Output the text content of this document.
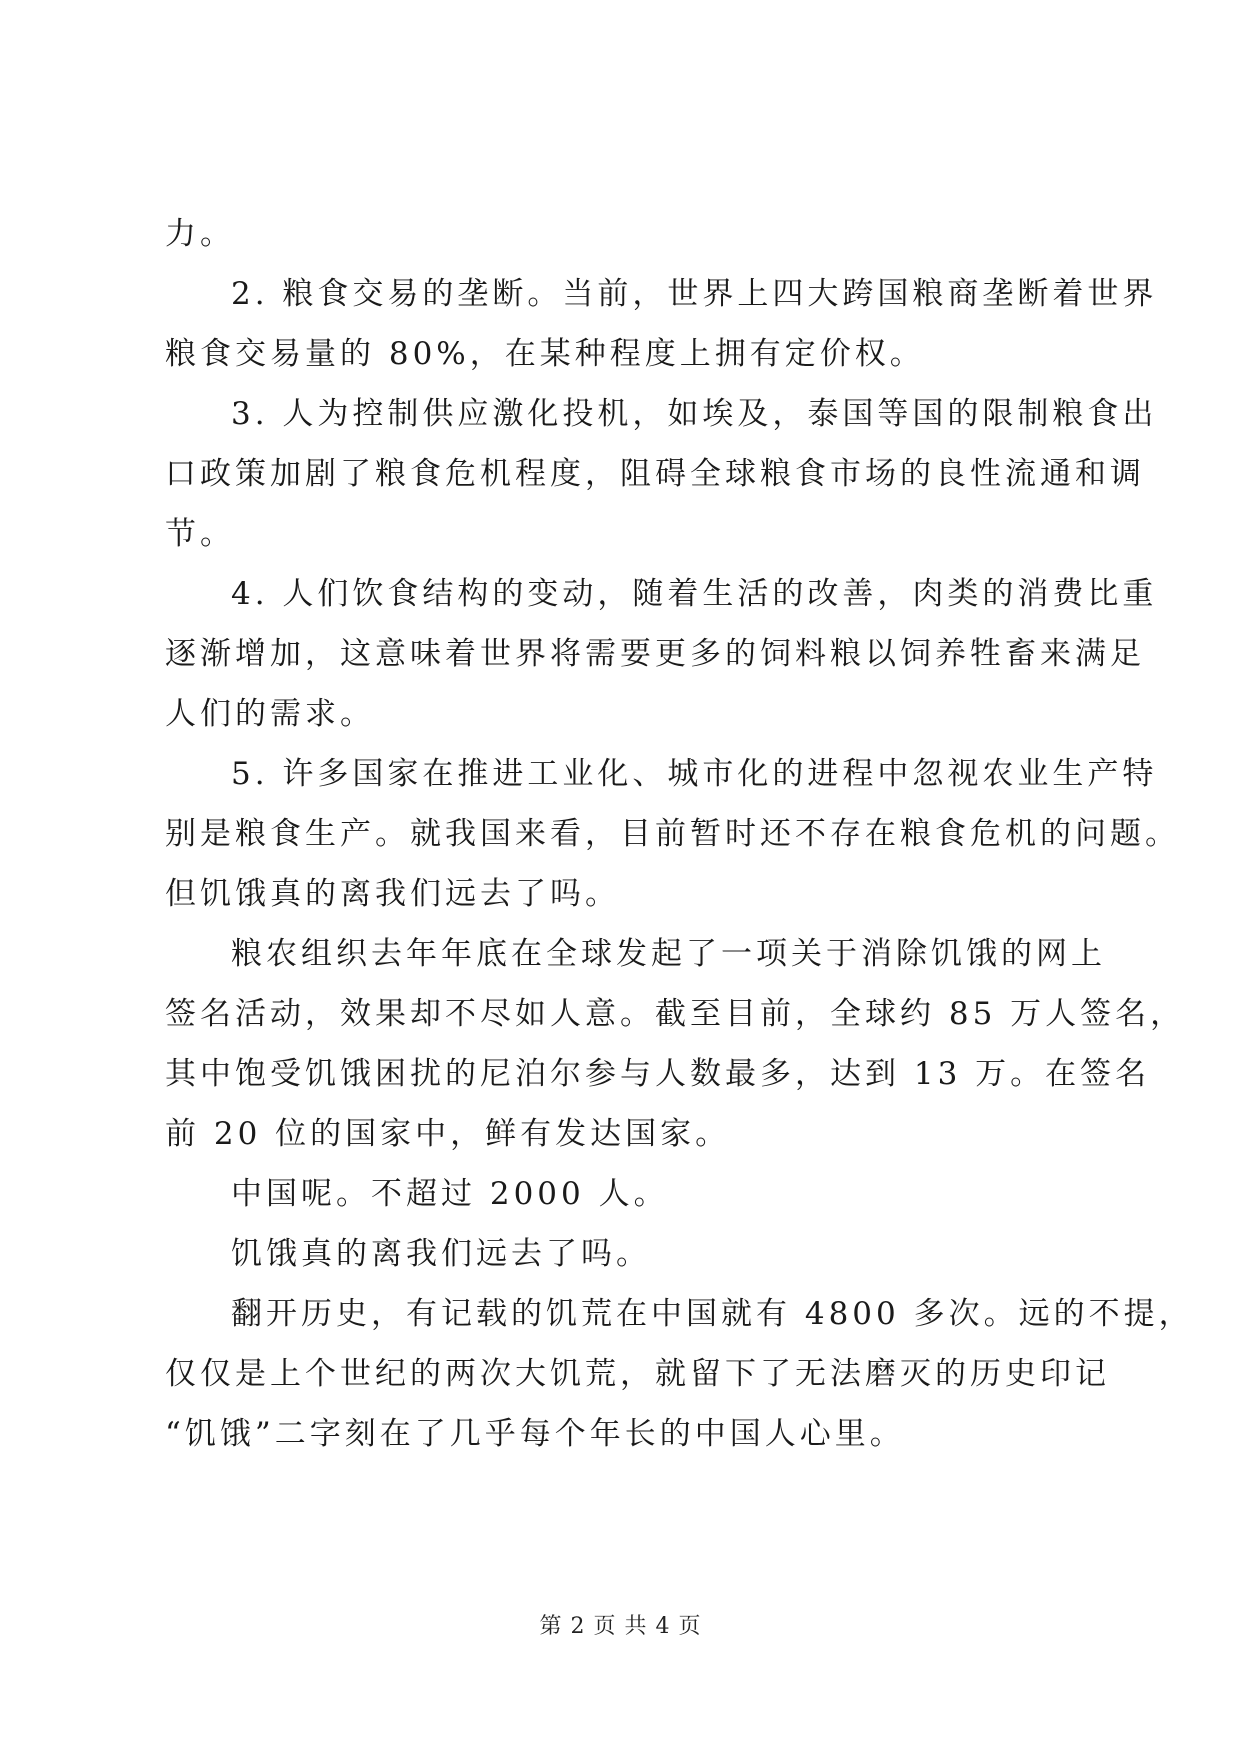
力。
2. 粮食交易的垄断。当前，世界上四大跨国粮商垄断着世界
粮食交易量的 80%，在某种程度上拥有定价权。
3. 人为控制供应激化投机，如埃及，泰国等国的限制粮食出
口政策加剧了粮食危机程度，阻碍全球粮食市场的良性流通和调
节。
4. 人们饮食结构的变动，随着生活的改善，肉类的消费比重
逐渐增加，这意味着世界将需要更多的饲料粮以饲养牲畜来满足
人们的需求。
5. 许多国家在推进工业化、城市化的进程中忽视农业生产特
别是粮食生产。就我国来看，目前暂时还不存在粮食危机的问题。
但饥饿真的离我们远去了吗。
粮农组织去年年底在全球发起了一项关于消除饥饿的网上
签名活动，效果却不尽如人意。截至目前，全球约 85 万人签名，
其中饱受饥饿困扰的尼泊尔参与人数最多，达到 13 万。在签名
前 20 位的国家中，鲜有发达国家。
中国呢。不超过 2000 人。
饥饿真的离我们远去了吗。
翻开历史，有记载的饥荒在中国就有 4800 多次。远的不提，
仅仅是上个世纪的两次大饥荒，就留下了无法磨灭的历史印记
“饥饿”二字刻在了几乎每个年长的中国人心里。
第 2 页 共 4 页
